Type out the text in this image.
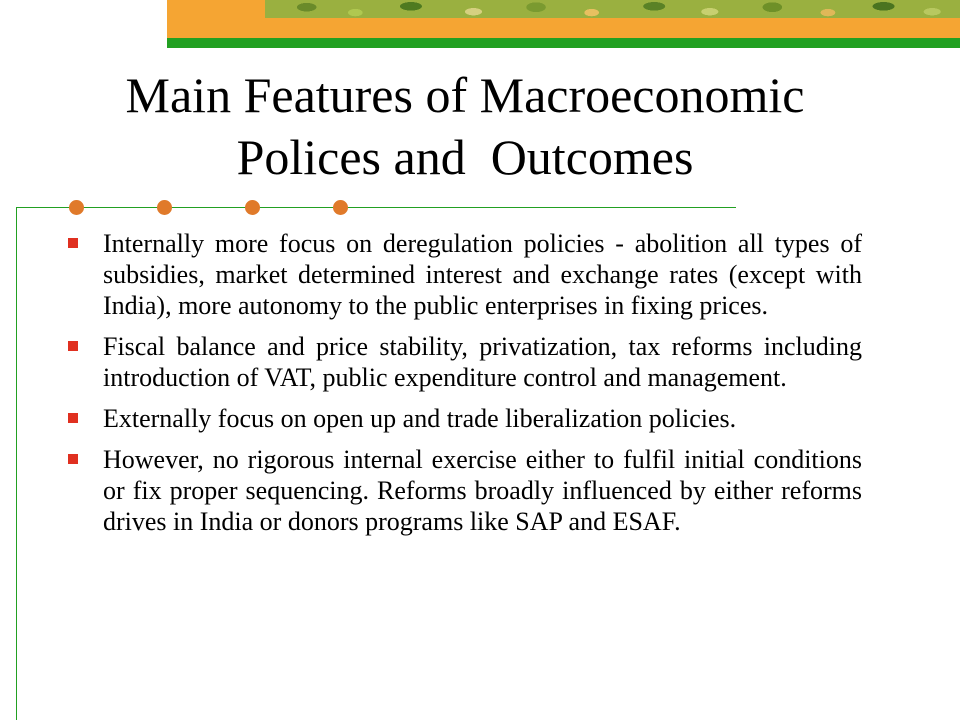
Main Features of Macroeconomic
Polices and  Outcomes
Internally more focus on deregulation policies - abolition all types of subsidies, market determined interest and exchange rates (except with India), more autonomy to the public enterprises in fixing prices.
Fiscal balance and price stability, privatization, tax reforms including introduction of VAT, public expenditure control and management.
Externally focus on open up and trade liberalization policies.
However, no rigorous internal exercise either to fulfil initial conditions or fix proper sequencing. Reforms broadly influenced by either reforms drives in India or donors programs like SAP and ESAF.
